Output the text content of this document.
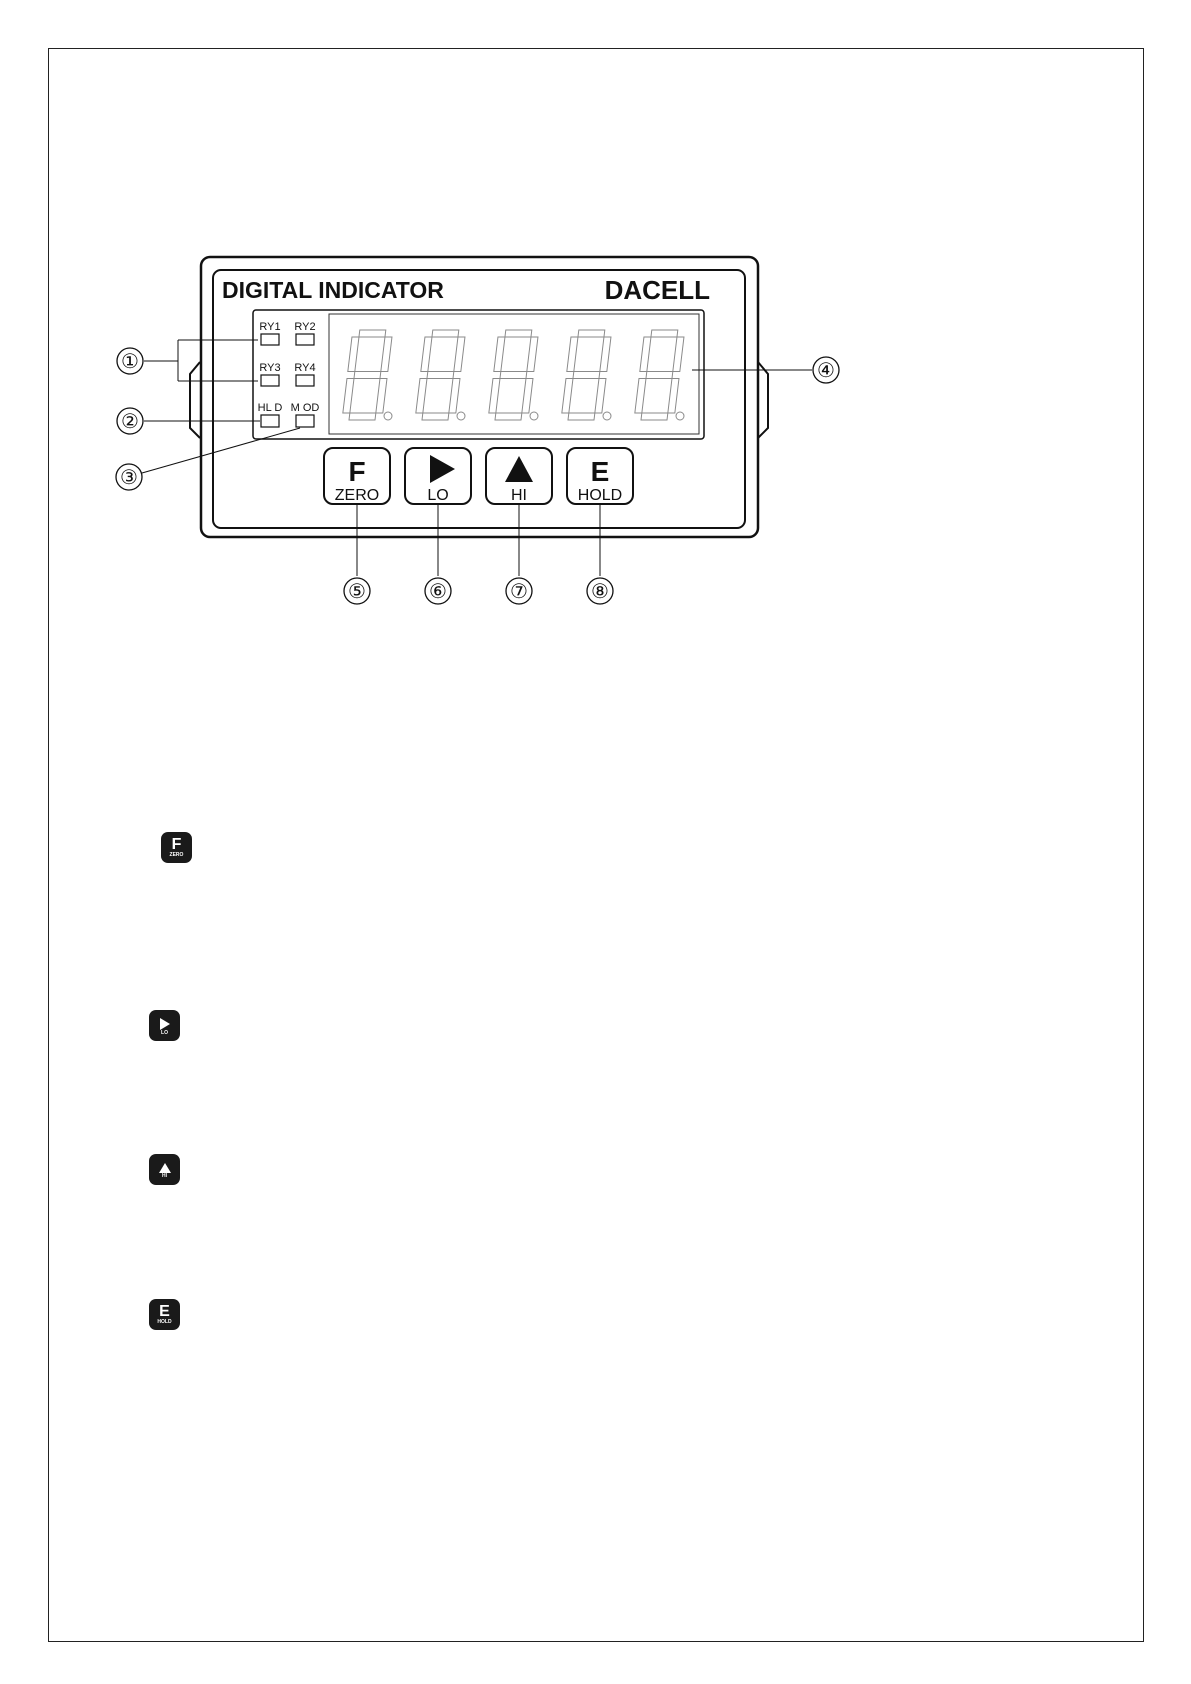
DIGITAL INDICATOR	DACELL
RY1 RY2
RY3 RY4
HL D M OD
F
ZERO	LO	HI
E
HOLD
①
②
③
④
⑤	⑥	⑦	⑧
F
ZERO
LO
HI
E
HOLD
